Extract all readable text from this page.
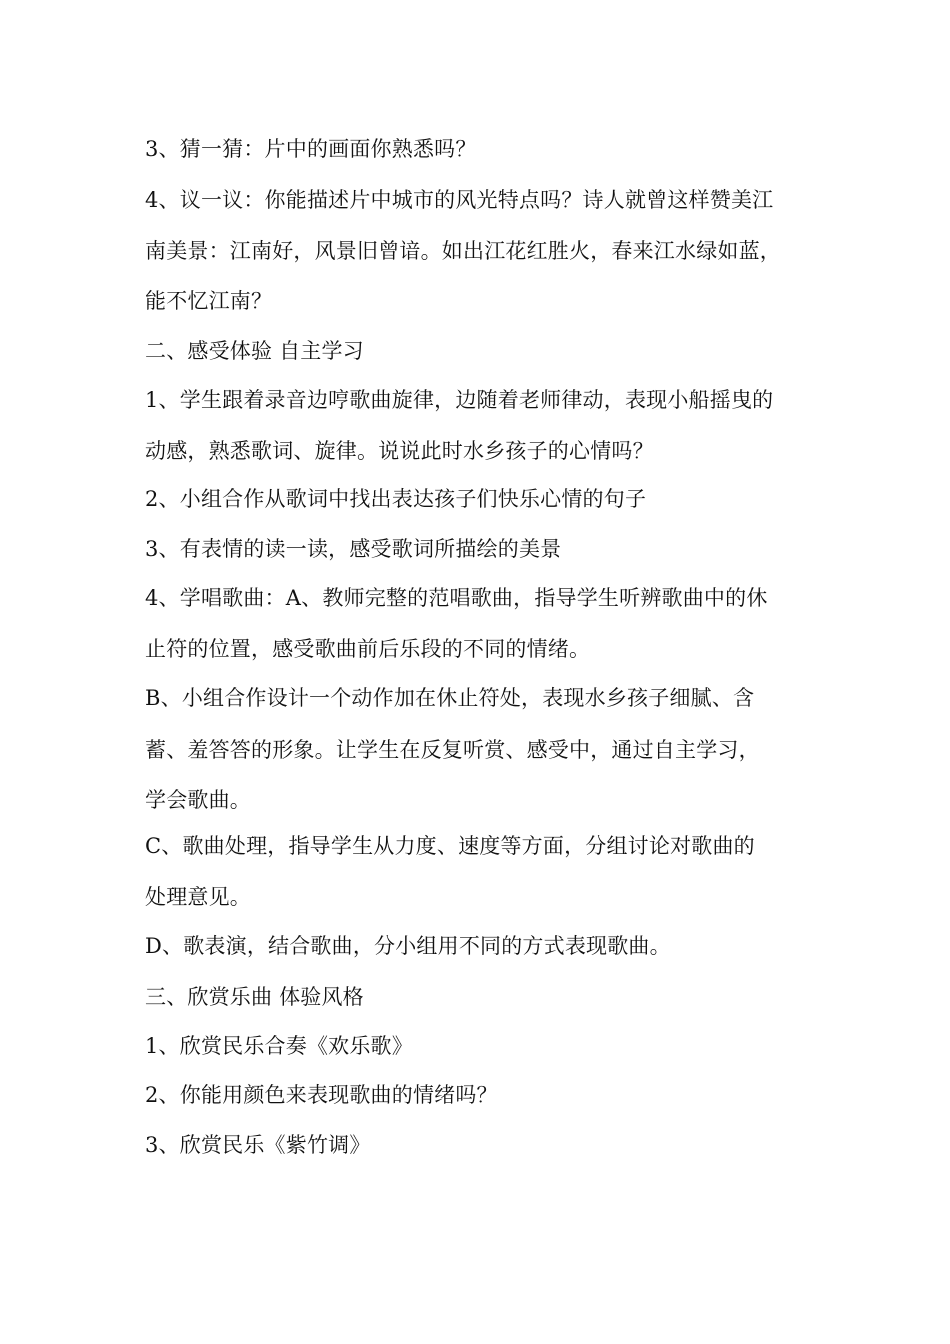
3、猜一猜：片中的画面你熟悉吗？
4、议一议：你能描述片中城市的风光特点吗？诗人就曾这样赞美江
南美景：江南好，风景旧曾谙。如出江花红胜火，春来江水绿如蓝，
能不忆江南？
二、感受体验 自主学习
1、学生跟着录音边哼歌曲旋律，边随着老师律动，表现小船摇曳的
动感，熟悉歌词、旋律。说说此时水乡孩子的心情吗？
2、小组合作从歌词中找出表达孩子们快乐心情的句子
3、有表情的读一读，感受歌词所描绘的美景
4、学唱歌曲：A、教师完整的范唱歌曲，指导学生听辨歌曲中的休
止符的位置，感受歌曲前后乐段的不同的情绪。
B、小组合作设计一个动作加在休止符处，表现水乡孩子细腻、含
蓄、羞答答的形象。让学生在反复听赏、感受中，通过自主学习，
学会歌曲。
C、歌曲处理，指导学生从力度、速度等方面，分组讨论对歌曲的
处理意见。
D、歌表演，结合歌曲，分小组用不同的方式表现歌曲。
三、欣赏乐曲 体验风格
1、欣赏民乐合奏《欢乐歌》
2、你能用颜色来表现歌曲的情绪吗？
3、欣赏民乐《紫竹调》
